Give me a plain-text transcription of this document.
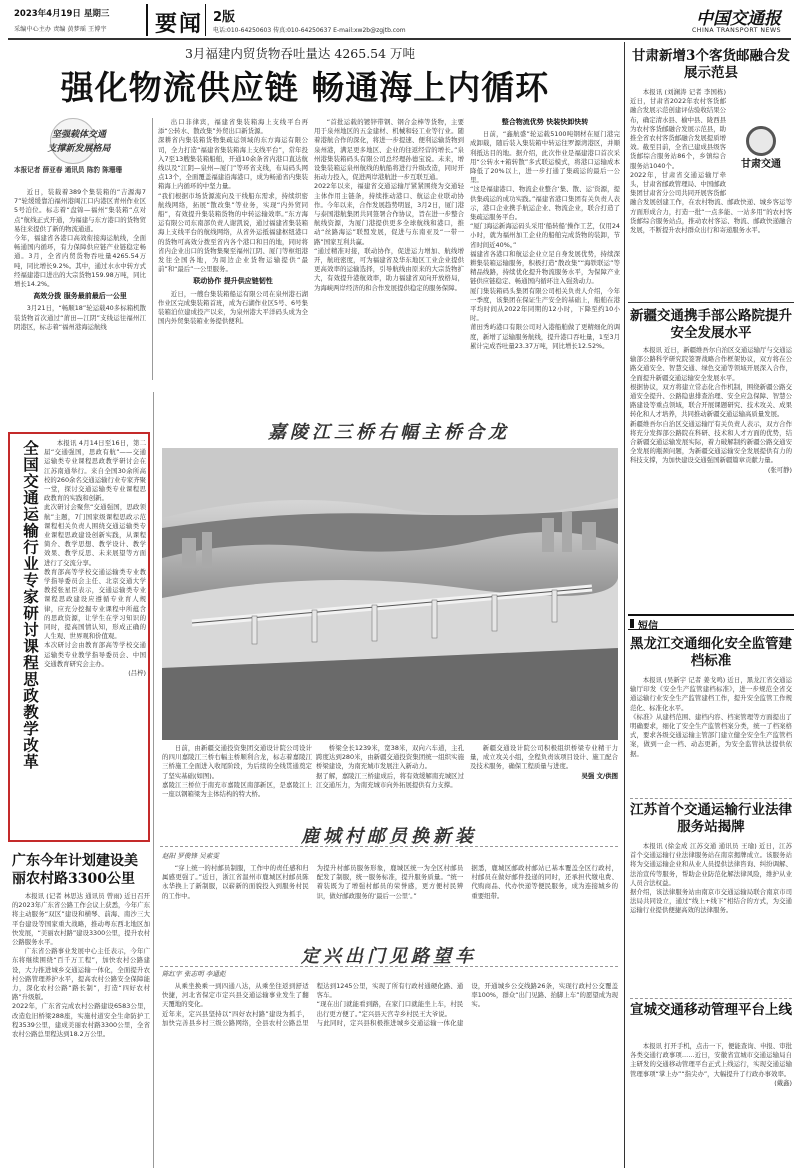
2023年4月19日 星期三
采编中心主办 责编 黄梦瑶 王博宇 要闻 2版
电话:010-64250603 传真:010-64250637 E-mail:xw2b@zgjtb.com
中国交通报
CHINA TRANSPORT NEWS
3月福建内贸货物吞吐量达 4265.54 万吨
强化物流供应链 畅通海上内循环
坚强载体交通
支撑新发展格局
本报记者 薛亚春 通讯员 陈豹 陈珊珊

近日，装载着389个集装箱的“吉源海77”轮缓缓靠泊福州港闽江口内港区青州作业区5号泊位。标志着“盘锦—福州”集装箱“点对点”航线正式开通，为福建与东方港口的货物贸易往来提供了新的物流通道。
今年，福建省各港口高效衔接海运航线，全面畅通国内循环，有力保障供应链产业链稳定畅通。3月，全省内贸货物吞吐量4265.54万吨，同比增长9.2%。其中，通过水水中转方式经福建港口进出的大宗货物159.98万吨，同比增长14.2%。

高效分拨 服务最前最后一公里

3月21日，“畅顺18”轮运载40多标箱机散装货物首次通过“莆田—江阴”支线运往福州江阴港区，标志着“福州港海运航线

出口非律宾，福建省集装箱海上支线平台再添“公转水、散改集”外贸出口新货源。
深耕省内集装箱货物集疏运领域的东方海运有限公司，全力打造“福建省集装箱海上支线平台”，常年投入7至13艘集装箱船舶，开通10余条省内港口直达航线以及“江阴—泉州—厦门”等环省支线，布局码头网点13个，全面覆盖福建沿海港口，成为畅通省内集装箱海上内循环的中坚力量。
“我们根据市场货源流向及干线船东需求，持续织密航线网络，拓展“散改集”等业务，实现“内外贸同船”，有效提升集装箱货物的中转运输效率。”东方海运有限公司东南部负责人谢凯说，通过福建省集装箱海上支线平台的航线网络，从省外运抵福建枢纽港口的货物可高效分拨至省内各个港口和目的地，同时将省内企业出口的货物集聚至福州江阴、厦门等枢纽港发往全国各地，为周边企业货物运输提供“最前”和“最后”一公里服务。

联动协作 提升供应链韧性

近日，一艘台集装箱船运有限公司在泉州港石湖作业区完成集装箱首班，成为石湖作业区5号、6号集装箱泊位建成投产以来，为泉州港大平洋码头成为全国内外贸集装箱业务提供便利。

“首批运载的镀锌带钢、钢合金棒等货物，主要用于泉州地区的五金建材、机械和轻工业等行业。随着港航合作的深化，将进一步提速、便利运输货物到泉州港，满足更多地区、企业的往返经营的增长。”泉州港集装箱码头有限公司总经理孙德宝说。未来，增设集装箱运泉州航线的航船将进行升级改造，同时开拓动力投入，促进两岸港航进一步互联互通。
2022年以来，福建省交通运输厅紧紧围绕为交通轻主体作用主链条，持续推动港口、航运企业联动协作。今年以来，合作发展趋势明显，3月2日，厦门港与泰国港航集团共同签署合作协议，旨在进一步整合航线资源，为厦门港提供更多全球航线和港口，推动“丝路海运”联盟发展，促进与东南亚及“一带一路”国家互利共赢。
“通过精准对接，联动协作，促进运力增加、航线增开，航班密度，可为福建省及华东地区工业企业提供更高效率的运输选择，引导航线由原来的大宗货物扩大，有效提升港航效率，助力福建省双向开放格局，为海峡两岸经济的和合作发展提供稳定的服务保障。

整合物流优势 快装快卸快转

日前，“鑫航盛”轮运载5100吨钢材在厦门港完成卸载，随后装入集装箱中转运往罗源湾港区，并顺利抵达目的地。据介绍，此次作业是福建港口首次采用“公转水+箱转散”多式联运模式，将港口运输成本降低了20%以上，进一步打通了集疏运的最后一公里。
“这是福建港口、物流企业整合‘集、散、运’资源，提供集疏运的成功实践。”福建省港口集团有关负责人表示，港口企业携手航运企业、物流企业，联合打造了集疏运服务平台。
“厦门海运新海运码头采用‘船转船’操作工艺，仅用24小时，就为福州加工企业的船舶完成货物的装卸，节省时间近40%。”
福建省各港口和航运企业立足自身发展优势，持续深耕集装箱运输服务，积极打造“散改集”“海铁联运”等精品线路，持续优化提升物流服务水平，为保障产业链供应链稳定、畅通国内循环注入强劲动力。
厦门集装箱码头集团有限公司相关负责人介绍，今年一季度，该集团在保证生产安全的基础上，船舶在港平均时间从2022年同期的12小时，下降至约10小时。
莆田秀屿港口有限公司对入港船舶做了更精细化的调度，新增了运输服务航线，提升港口吞吐量，1至3月累计完成吞吐量23.37万吨，同比增长12.52%。

全国交通运输行业专家研讨课程思政教学改革	本报讯 4月14日至16日，第二届“交通强国，思政有航”——交通运输类专业课程思政教学研讨会在江苏南通举行。来自全国30余所高校的260余名交通运输行业专家齐聚一堂，探讨交通运输类专业课程思政教育的实践和创新。
此次研讨会聚焦“交通强国，思政领航”主题，7门国家级课程思政示范课程相关负责人围绕交通运输类专业课程思政建设创新实践，从课程简介、教学思想、教学设计、教学效果、教学反思、未来展望等方面进行了交流分享。
教育部高等学校交通运输类专业教学指导委员会主任、北京交通大学教授张星臣表示，交通运输类专业课程思政建设应遵循专业育人规律，应充分挖掘专业课程中所蕴含的思政资源，让学生在学习知识的同时，提高国情认知，形成正确的人生观、世界观和价值观。
本次研讨会由教育部高等学校交通运输类专业教学指导委员会、中国交通教育研究会主办。

(吕梓)

广东今年计划建设美丽农村路3300公里

本报讯 (记者 林思达 通讯员 曾雨) 近日召开的2023年广东省公路工作会议上获悉，今年广东将主动服务“双区”建设和横琴、前海、南沙三大平台建设等国家重大战略，推动粤东西北地区加快发展，“美丽农村路”建设3300公里，提升农村公路服务水平。

广东省公路事业发展中心主任表示，今年广东将继续围绕“百千万工程”，加快农村公路建设，大力推进城乡交通运输一体化，全面提升农村公路管理养护水平，提高农村公路安全保障能力，深化农村公路“路长制”，打造“四好农村路”升级版。
2022年，广东省完成农村公路建设6583公里，改造危旧桥梁288座，实施村道安全生命防护工程3539公里，建成美丽农村路3300公里，全省农村公路总里程达到18.2万公里。

嘉陵江三桥右幅主桥合龙

日前，由新疆交通投资集团交通设计院公司设计的四川嘉陵江三桥右幅主桥顺利合龙，标志着嘉陵江三桥施工全面进入收尾阶段，为后续的全线贯通奠定了坚实基础(如图)。
嘉陵江三桥位于南充市嘉陵区南部新区，是嘉陵江上一座以钢箱梁为主体结构的特大桥。

桥梁全长1239米，宽38米，双向六车道，主孔跨度达到280米，由新疆交通投资集团统一组织实施桥梁建设，为南充城市发展注入新动力。
据了解，嘉陵江三桥建成后，将有效缓解南充城区过江交通压力，为南充城市向外拓展提供有力支撑。

新疆交通设计院公司积极组织桥梁专业精干力量，成立攻关小组，全程负责该项目设计、施工配合及技术服务，确保工程质量与进度。

吴强 文/供图

鹿城村邮员换新装
赵阳 罗俊锋 吴素雯

“穿上统一的村邮员制服，工作中的责任感和归属感更强了。”近日，浙江省温州市鹿城区村邮员陈永华换上了新制服，以崭新的面貌投入到服务村民的工作中。
为提升村邮员服务形象，鹿城区统一为全区村邮员配发了制服，统一服务标准，提升服务质量。“统一着装既为了增强村邮员的荣誉感，更方便村民辨识，做好邮政服务的‘最后一公里’。”
据悉，鹿城区邮政村邮站已基本覆盖全区行政村，村邮员在做好邮件投递的同时，还承担代缴电费、代购商品、代办快递等便民服务，成为连接城乡的重要纽带。

定兴出门见路望车
陈红宇 张志明 李通彪

从乘坐换乘一到四通八达，从乘坐往返到舒适快捷，河北省保定市定兴县交通运输事业发生了翻天覆地的变化。
近年来，定兴县坚持以“四好农村路”建设为抓手，加快完善县乡村三级公路网络，全县农村公路总里程达到1245公里，实现了所有行政村通硬化路、通客车。
“现在出门就能看到路，在家门口就能坐上车，村民出行更方便了。”定兴县天宫寺乡村民王大爷说。
与此同时，定兴县积极推进城乡交通运输一体化建设，开通城乡公交线路26条，实现行政村公交覆盖率100%，群众“出门见路、抬脚上车”的愿望成为现实。

甘肃新增3个客货邮融合发展示范县
甘肃交通

本报讯 (刘澜涛 记者 李国栋) 近日，甘肃省2022年农村客货邮融合发展示范创建评估验收结果公布，确定清水县、榆中县、陇西县为农村客货邮融合发展示范县，助推全省农村客货邮融合发展提质增效。截至目前，全省已建成县级客货邮综合服务站86个，乡镇综合服务站1040个。
2022年，甘肃省交通运输厅牵头，甘肃省邮政管理局、中国邮政集团甘肃省分公司共同开展客货邮融合发展创建工作，在农村物流、邮政快递、城乡客运等方面形成合力，打造一批“一点多能、一站多用”的农村客货邮综合服务站点，推动农村客运、物流、邮政快递融合发展，不断提升农村群众出行和寄递服务水平。

新疆交通携手部公路院提升安全发展水平

本报讯 近日，新疆维吾尔自治区交通运输厅与交通运输部公路科学研究院签署战略合作框架协议，双方将在公路交通安全、智慧交通、绿色交通等领域开展深入合作，全面提升新疆交通运输安全发展水平。
根据协议，双方将建立常态化合作机制，围绕新疆公路交通安全提升、公路隐患排查治理、安全应急保障、智慧公路建设等重点领域，联合开展课题研究、技术攻关、成果转化和人才培养，共同推动新疆交通运输高质量发展。
新疆维吾尔自治区交通运输厅有关负责人表示，双方合作将充分发挥部公路院在科研、技术和人才方面的优势，结合新疆交通运输发展实际，着力破解制约新疆公路交通安全发展的瓶颈问题，为新疆交通运输安全发展提供有力的科技支撑，为加快建设交通强国新疆篇章贡献力量。

(张可静)

短信
黑龙江交通细化安全监管建档标准

本报讯 (吴新宇 记者 姜戈鸣) 近日，黑龙江省交通运输厅印发《安全生产监管建档标准》，进一步规范全省交通运输行业安全生产监管建档工作，提升安全监管工作规范化、标准化水平。
《标准》从建档范围、建档内容、档案管理等方面提出了明确要求，细化了安全生产监管档案分类，统一了档案格式，要求各级交通运输主管部门建立健全安全生产监管档案，做到一企一档、动态更新，为安全监管执法提供依据。

江苏首个交通运输行业法律服务站揭牌

本报讯 (徐金成 江苏交通 通讯员 王瑜) 近日，江苏首个交通运输行业法律服务站在南京揭牌成立。该服务站将为交通运输企业和从业人员提供法律咨询、纠纷调解、法治宣传等服务，帮助企业防范化解法律风险，维护从业人员合法权益。
据介绍，该法律服务站由南京市交通运输局联合南京市司法局共同设立，通过“线上+线下”相结合的方式，为交通运输行业提供便捷高效的法律服务。

宣城交通移动管理平台上线

本报讯 打开手机，点击一下，便能查询、申报、审批各类交通行政事项……近日，安徽省宣城市交通运输局自主研发的交通移动管理平台正式上线运行，实现交通运输管理事项“掌上办”“指尖办”，大幅提升了行政办事效率。

(戴鑫)
